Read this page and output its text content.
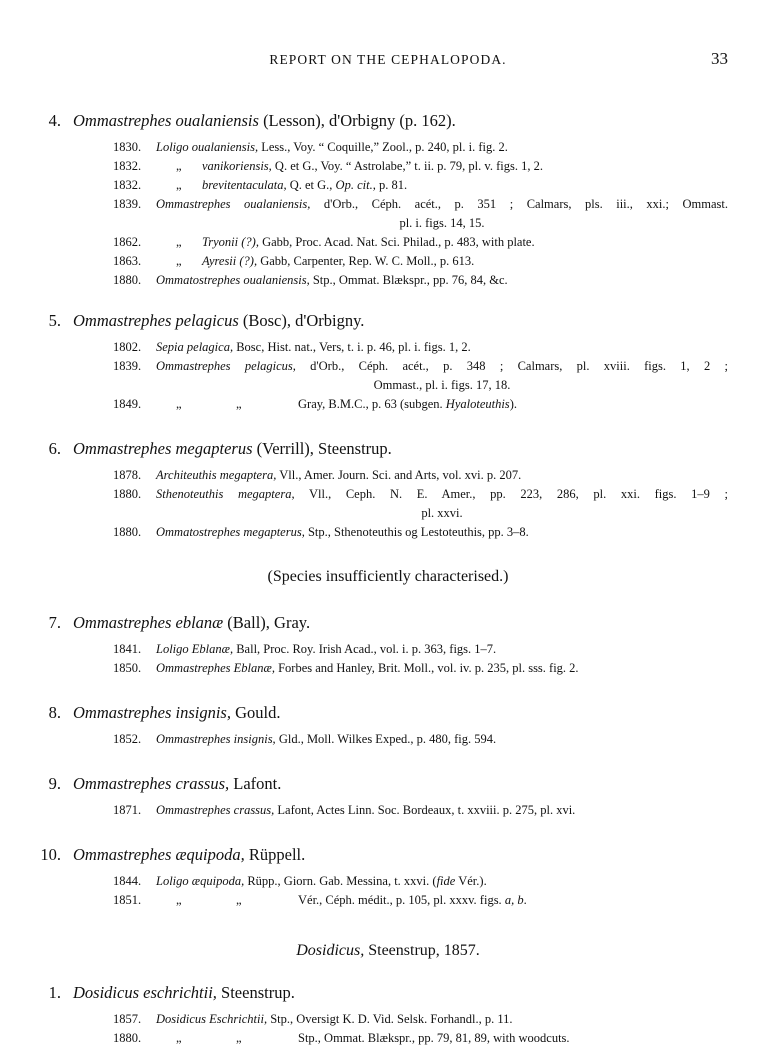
REPORT ON THE CEPHALOPODA.	33
4. Ommastrephes oualaniensis (Lesson), d'Orbigny (p. 162).
1830. Loligo oualaniensis, Less., Voy. “ Coquille,” Zool., p. 240, pl. i. fig. 2.
1832.	„ vanikoriensis, Q. et G., Voy. “ Astrolabe,” t. ii. p. 79, pl. v. figs. 1, 2.
1832.	„ brevitentaculata, Q. et G., Op. cit., p. 81.
1839. Ommastrephes oualaniensis, d'Orb., Céph. acét., p. 351 ; Calmars, pls. iii., xxi.; Ommast.
pl. i. figs. 14, 15.
1862.	„ Tryonii (?), Gabb, Proc. Acad. Nat. Sci. Philad., p. 483, with plate.
1863.	„ Ayresii (?), Gabb, Carpenter, Rep. W. C. Moll., p. 613.
1880. Ommatostrephes oualaniensis, Stp., Ommat. Blækspr., pp. 76, 84, &c.
5. Ommastrephes pelagicus (Bosc), d'Orbigny.
1802. Sepia pelagica, Bosc, Hist. nat., Vers, t. i. p. 46, pl. i. figs. 1, 2.
1839. Ommastrephes pelagicus, d'Orb., Céph. acét., p. 348 ; Calmars, pl. xviii. figs. 1, 2 ;
Ommast., pl. i. figs. 17, 18.
1849.	„	„	Gray, B.M.C., p. 63 (subgen. Hyaloteuthis).
6. Ommastrephes megapterus (Verrill), Steenstrup.
1878. Architeuthis megaptera, Vll., Amer. Journ. Sci. and Arts, vol. xvi. p. 207.
1880. Sthenoteuthis megaptera, Vll., Ceph. N. E. Amer., pp. 223, 286, pl. xxi. figs. 1–9 ;
pl. xxvi.
1880. Ommatostrephes megapterus, Stp., Sthenoteuthis og Lestoteuthis, pp. 3–8.
(Species insufficiently characterised.)
7. Ommastrephes eblanæ (Ball), Gray.
1841. Loligo Eblanæ, Ball, Proc. Roy. Irish Acad., vol. i. p. 363, figs. 1–7.
1850. Ommastrephes Eblanæ, Forbes and Hanley, Brit. Moll., vol. iv. p. 235, pl. sss. fig. 2.
8. Ommastrephes insignis, Gould.
1852. Ommastrephes insignis, Gld., Moll. Wilkes Exped., p. 480, fig. 594.
9. Ommastrephes crassus, Lafont.
1871. Ommastrephes crassus, Lafont, Actes Linn. Soc. Bordeaux, t. xxviii. p. 275, pl. xvi.
10. Ommastrephes æquipoda, Rüppell.
1844. Loligo æquipoda, Rüpp., Giorn. Gab. Messina, t. xxvi. (fide Vér.).
1851.	„	„	Vér., Céph. médit., p. 105, pl. xxxv. figs. a, b.
Dosidicus, Steenstrup, 1857.
1. Dosidicus eschrichtii, Steenstrup.
1857. Dosidicus Eschrichtii, Stp., Oversigt K. D. Vid. Selsk. Forhandl., p. 11.
1880.	„	„	Stp., Ommat. Blækspr., pp. 79, 81, 89, with woodcuts.
